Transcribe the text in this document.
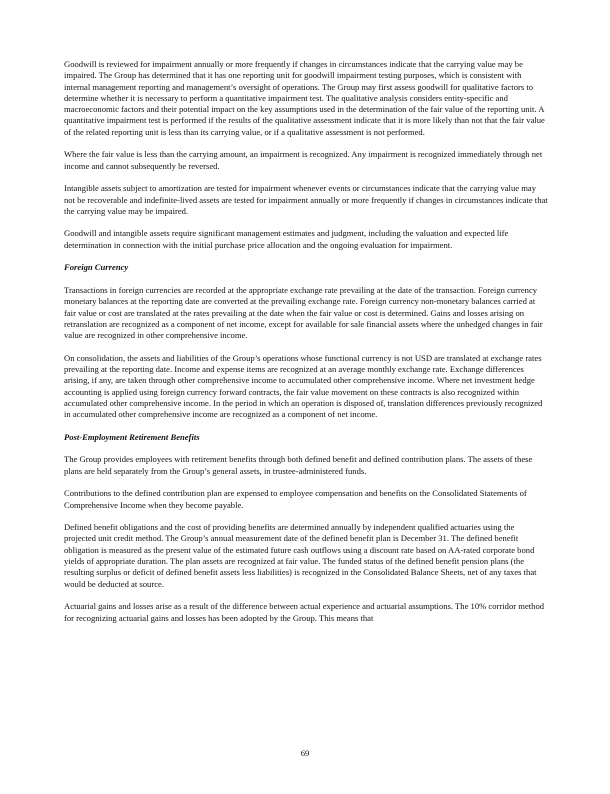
Goodwill is reviewed for impairment annually or more frequently if changes in circumstances indicate that the carrying value may be impaired. The Group has determined that it has one reporting unit for goodwill impairment testing purposes, which is consistent with internal management reporting and management’s oversight of operations. The Group may first assess goodwill for qualitative factors to determine whether it is necessary to perform a quantitative impairment test. The qualitative analysis considers entity-specific and macroeconomic factors and their potential impact on the key assumptions used in the determination of the fair value of the reporting unit. A quantitative impairment test is performed if the results of the qualitative assessment indicate that it is more likely than not that the fair value of the related reporting unit is less than its carrying value, or if a qualitative assessment is not performed.

Where the fair value is less than the carrying amount, an impairment is recognized. Any impairment is recognized immediately through net income and cannot subsequently be reversed.

Intangible assets subject to amortization are tested for impairment whenever events or circumstances indicate that the carrying value may not be recoverable and indefinite-lived assets are tested for impairment annually or more frequently if changes in circumstances indicate that the carrying value may be impaired.

Goodwill and intangible assets require significant management estimates and judgment, including the valuation and expected life determination in connection with the initial purchase price allocation and the ongoing evaluation for impairment.

Foreign Currency

Transactions in foreign currencies are recorded at the appropriate exchange rate prevailing at the date of the transaction. Foreign currency monetary balances at the reporting date are converted at the prevailing exchange rate. Foreign currency non-monetary balances carried at fair value or cost are translated at the rates prevailing at the date when the fair value or cost is determined. Gains and losses arising on retranslation are recognized as a component of net income, except for available for sale financial assets where the unhedged changes in fair value are recognized in other comprehensive income.

On consolidation, the assets and liabilities of the Group’s operations whose functional currency is not USD are translated at exchange rates prevailing at the reporting date. Income and expense items are recognized at an average monthly exchange rate. Exchange differences arising, if any, are taken through other comprehensive income to accumulated other comprehensive income. Where net investment hedge accounting is applied using foreign currency forward contracts, the fair value movement on these contracts is also recognized within accumulated other comprehensive income. In the period in which an operation is disposed of, translation differences previously recognized in accumulated other comprehensive income are recognized as a component of net income.

Post-Employment Retirement Benefits

The Group provides employees with retirement benefits through both defined benefit and defined contribution plans. The assets of these plans are held separately from the Group’s general assets, in trustee-administered funds.

Contributions to the defined contribution plan are expensed to employee compensation and benefits on the Consolidated Statements of Comprehensive Income when they become payable.

Defined benefit obligations and the cost of providing benefits are determined annually by independent qualified actuaries using the projected unit credit method. The Group’s annual measurement date of the defined benefit plan is December 31. The defined benefit obligation is measured as the present value of the estimated future cash outflows using a discount rate based on AA-rated corporate bond yields of appropriate duration. The plan assets are recognized at fair value. The funded status of the defined benefit pension plans (the resulting surplus or deficit of defined benefit assets less liabilities) is recognized in the Consolidated Balance Sheets, net of any taxes that would be deducted at source.

Actuarial gains and losses arise as a result of the difference between actual experience and actuarial assumptions. The 10% corridor method for recognizing actuarial gains and losses has been adopted by the Group. This means that

69
